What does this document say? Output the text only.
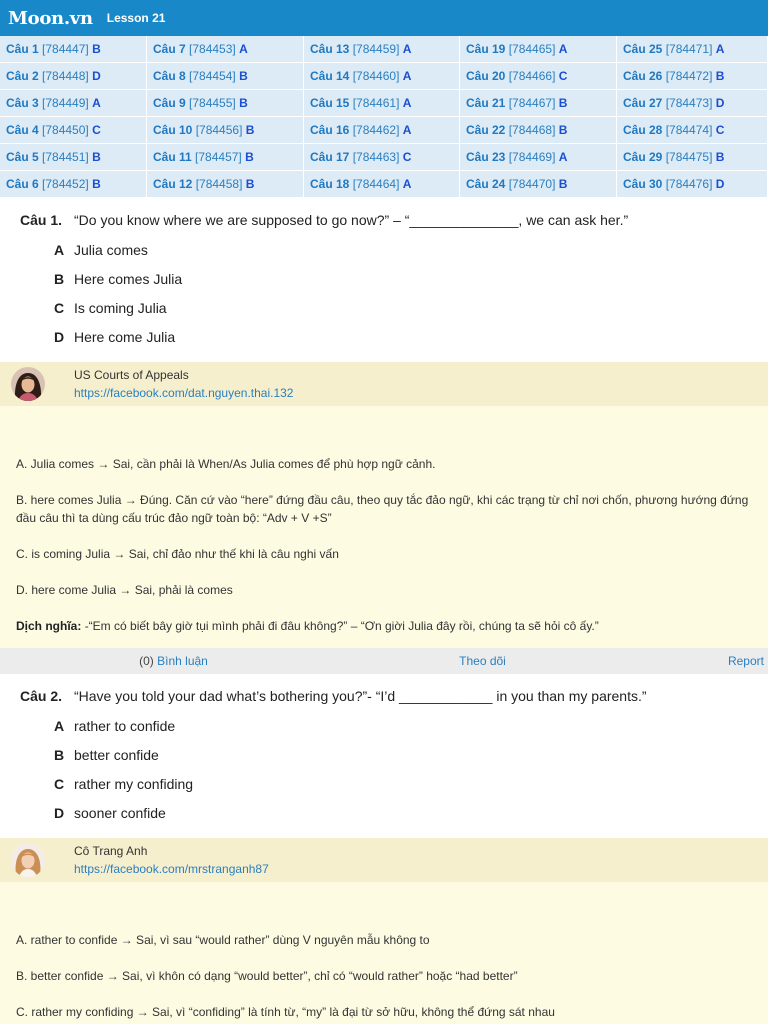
Moon.vn Lesson 21
Câu 1 [784447] B	Câu 7 [784453] A	Câu 13 [784459] A	Câu 19 [784465] A	Câu 25 [784471] A
Câu 2 [784448] D	Câu 8 [784454] B	Câu 14 [784460] A	Câu 20 [784466] C	Câu 26 [784472] B
Câu 3 [784449] A	Câu 9 [784455] B	Câu 15 [784461] A	Câu 21 [784467] B	Câu 27 [784473] D
Câu 4 [784450] C	Câu 10 [784456] B	Câu 16 [784462] A	Câu 22 [784468] B	Câu 28 [784474] C
Câu 5 [784451] B	Câu 11 [784457] B	Câu 17 [784463] C	Câu 23 [784469] A	Câu 29 [784475] B
Câu 6 [784452] B	Câu 12 [784458] B	Câu 18 [784464] A	Câu 24 [784470] B	Câu 30 [784476] D
Câu 1. “Do you know where we are supposed to go now?” – “______________, we can ask her.”
A Julia comes
B Here comes Julia
C Is coming Julia
D Here come Julia
US Courts of Appeals
https://facebook.com/dat.nguyen.thai.132

A. Julia comes → Sai, cần phải là When/As Julia comes để phù hợp ngữ cảnh.

B. here comes Julia → Đúng. Căn cứ vào “here” đứng đầu câu, theo quy tắc đảo ngữ, khi các trạng từ chỉ nơi chốn, phương hướng đứng đầu câu thì ta dùng cấu trúc đảo ngữ toàn bộ: “Adv + V +S”

C. is coming Julia → Sai, chỉ đảo như thế khi là câu nghi vấn

D. here come Julia → Sai, phải là comes

Dịch nghĩa: -“Em có biết bây giờ tụi mình phải đi đâu không?” – “Ơn giời Julia đây rồi, chúng ta sẽ hỏi cô ấy.”

(0) Bình luận	Theo dõi	Report
Câu 2. “Have you told your dad what’s bothering you?”- “I’d ____________ in you than my parents.”
A rather to confide
B better confide
C rather my confiding
D sooner confide
Cô Trang Anh
https://facebook.com/mrstranganh87

A. rather to confide → Sai, vì sau “would rather” dùng V nguyên mẫu không to

B. better confide → Sai, vì khôn có dạng “would better”, chỉ có “would rather” hoặc “had better”

C. rather my confiding → Sai, vì “confiding” là tính từ, “my” là đại từ sở hữu, không thể đứng sát nhau
